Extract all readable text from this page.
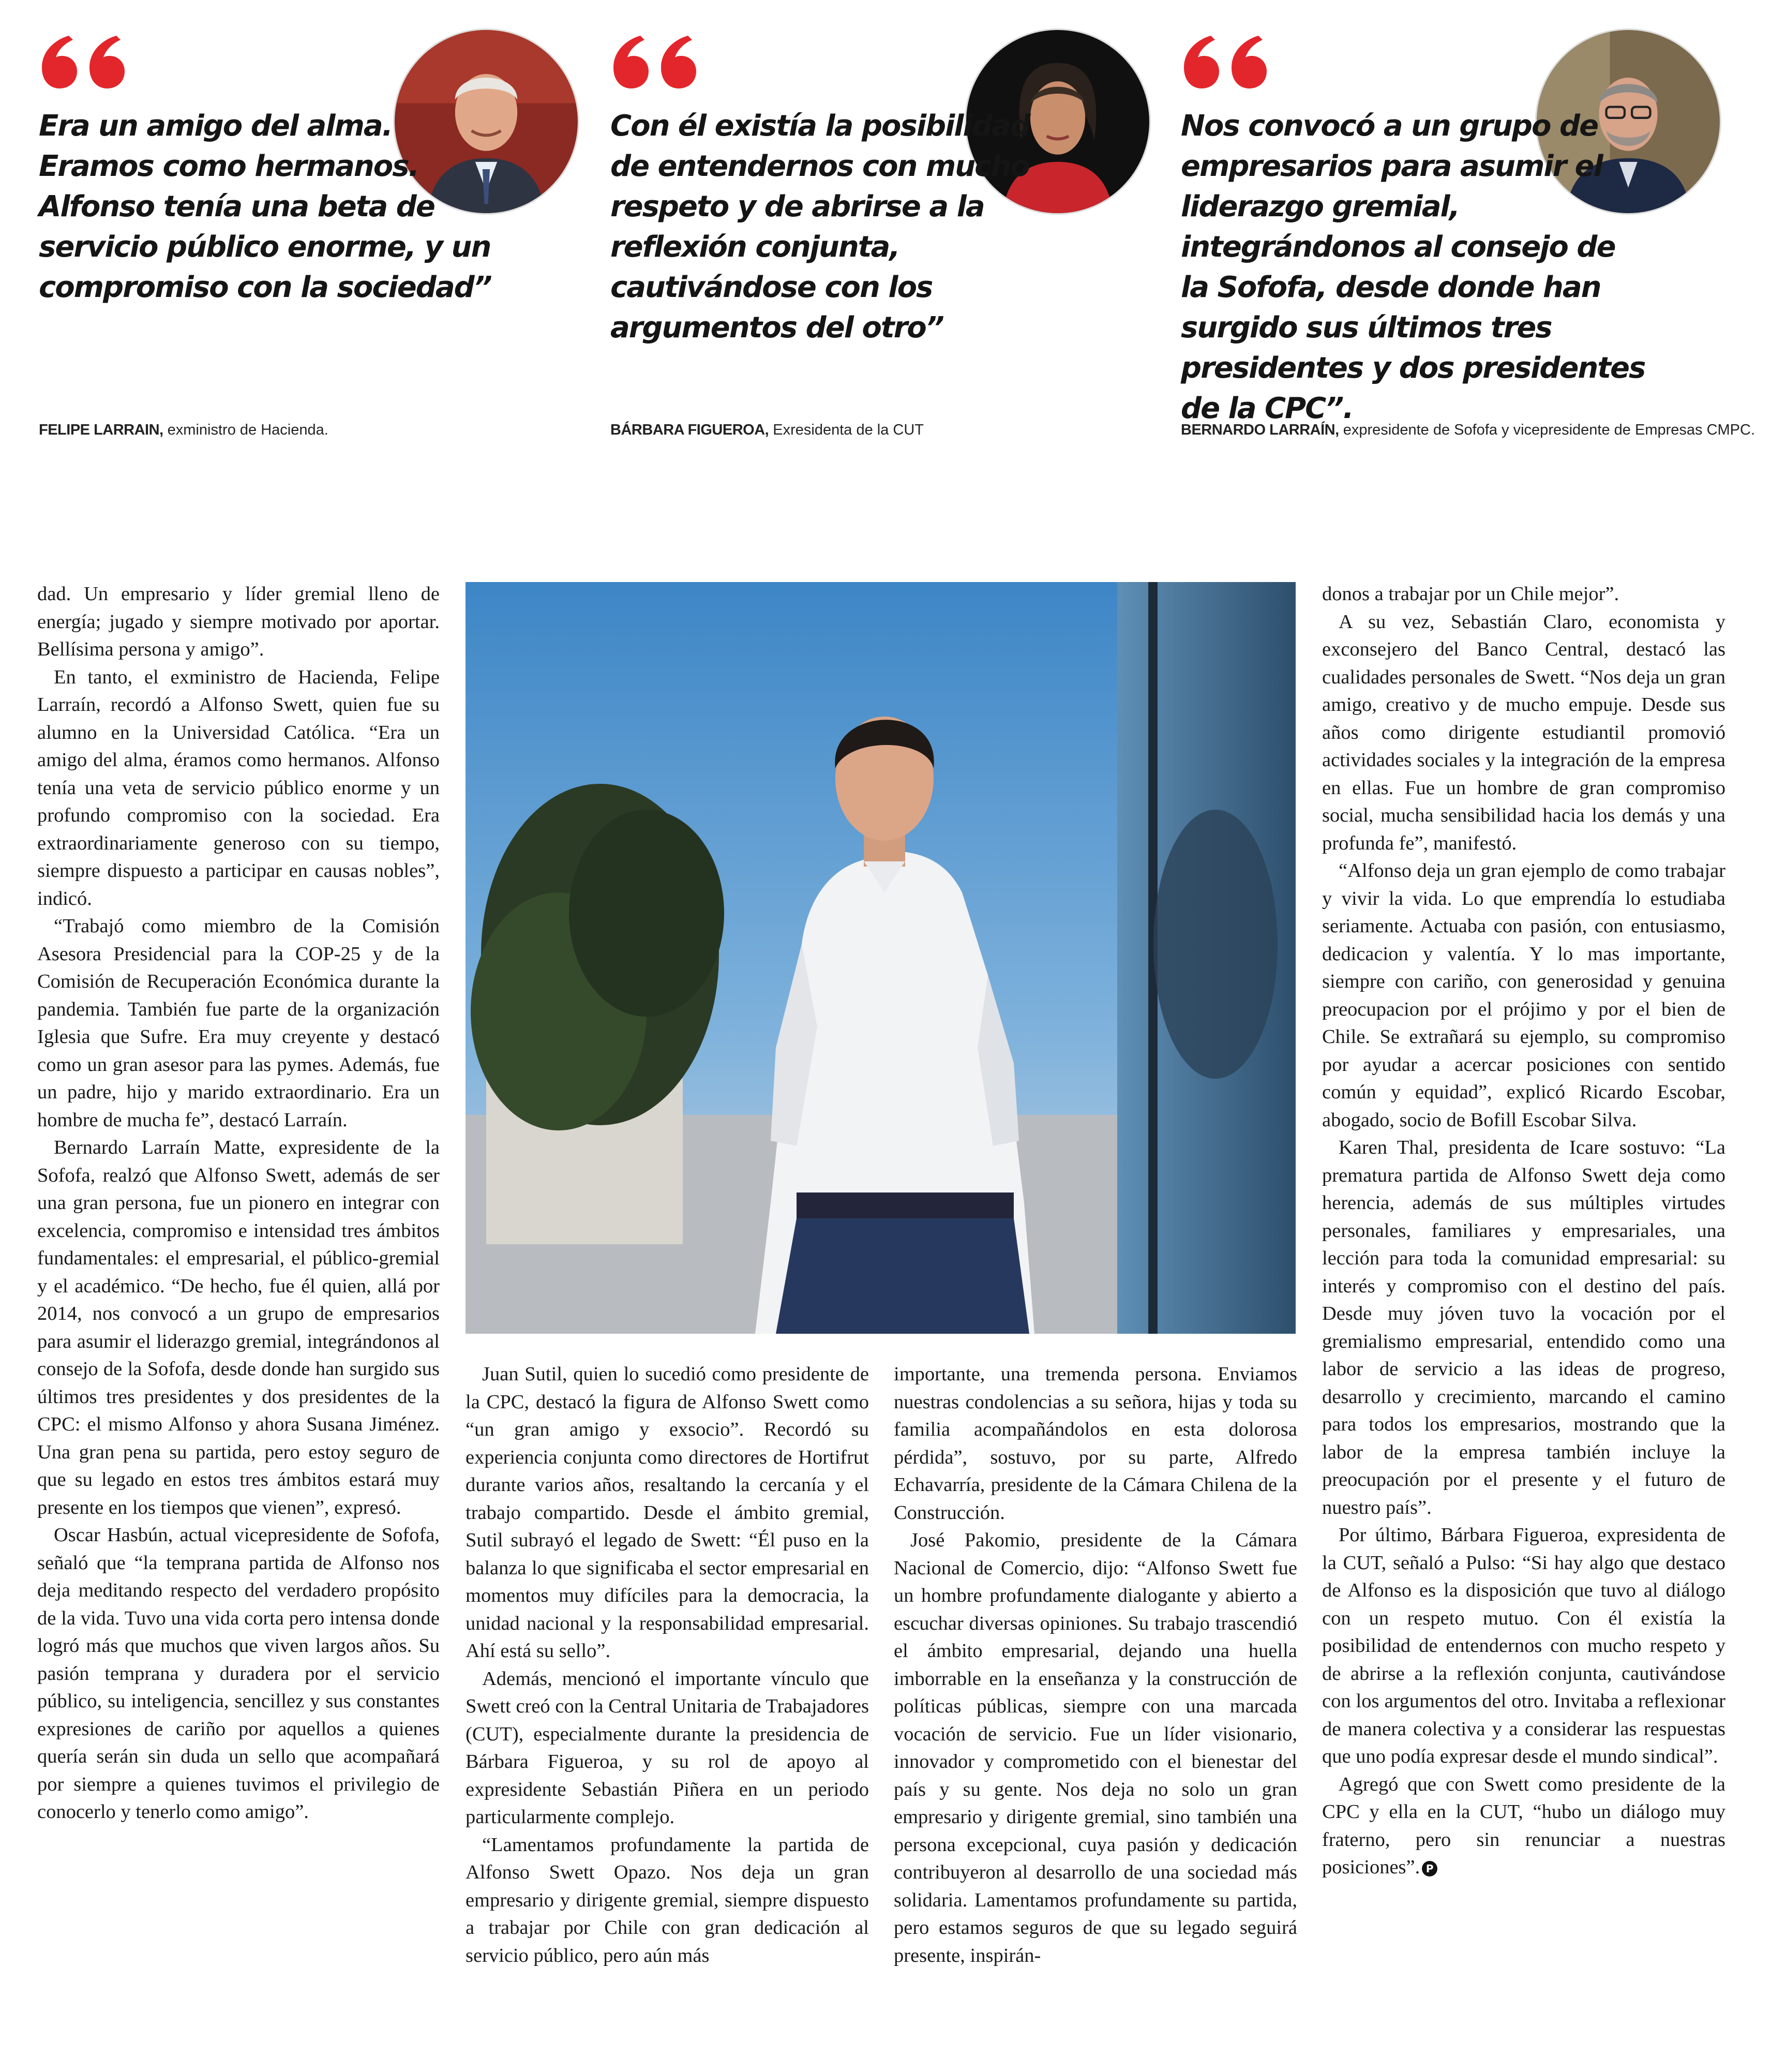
Era un amigo del alma. Eramos como hermanos. Alfonso tenía una beta de servicio público enorme, y un compromiso con la sociedad”

FELIPE LARRAIN, exministro de Hacienda.

Con él existía la posibilidad de entendernos con mucho respeto y de abrirse a la reflexión conjunta, cautivándose con los argumentos del otro”

BÁRBARA FIGUEROA, Exresidenta de la CUT

Nos convocó a un grupo de empresarios para asumir el liderazgo gremial, integrándonos al consejo de la Sofofa, desde donde han surgido sus últimos tres presidentes y dos presidentes de la CPC”.

BERNARDO LARRAÍN, expresidente de Sofofa y vicepresidente de Empresas CMPC.

dad. Un empresario y líder gremial lleno de energía; jugado y siempre motivado por aportar. Bellísima persona y amigo”.

En tanto, el exministro de Hacienda, Felipe Larraín, recordó a Alfonso Swett, quien fue su alumno en la Universidad Católica. “Era un amigo del alma, éramos como hermanos. Alfonso tenía una veta de servicio público enorme y un profundo compromiso con la sociedad. Era extraordinariamente generoso con su tiempo, siempre dispuesto a participar en causas nobles”, indicó.

“Trabajó como miembro de la Comisión Asesora Presidencial para la COP-25 y de la Comisión de Recuperación Económica durante la pandemia. También fue parte de la organización Iglesia que Sufre. Era muy creyente y destacó como un gran asesor para las pymes. Además, fue un padre, hijo y marido extraordinario. Era un hombre de mucha fe”, destacó Larraín.

Bernardo Larraín Matte, expresidente de la Sofofa, realzó que Alfonso Swett, además de ser una gran persona, fue un pionero en integrar con excelencia, compromiso e intensidad tres ámbitos fundamentales: el empresarial, el público-gremial y el académico. “De hecho, fue él quien, allá por 2014, nos convocó a un grupo de empresarios para asumir el liderazgo gremial, integrándonos al consejo de la Sofofa, desde donde han surgido sus últimos tres presidentes y dos presidentes de la CPC: el mismo Alfonso y ahora Susana Jiménez. Una gran pena su partida, pero estoy seguro de que su legado en estos tres ámbitos estará muy presente en los tiempos que vienen”, expresó.

Oscar Hasbún, actual vicepresidente de Sofofa, señaló que “la temprana partida de Alfonso nos deja meditando respecto del verdadero propósito de la vida. Tuvo una vida corta pero intensa donde logró más que muchos que viven largos años. Su pasión temprana y duradera por el servicio público, su inteligencia, sencillez y sus constantes expresiones de cariño por aquellos a quienes quería serán sin duda un sello que acompañará por siempre a quienes tuvimos el privilegio de conocerlo y tenerlo como amigo”.

Juan Sutil, quien lo sucedió como presidente de la CPC, destacó la figura de Alfonso Swett como “un gran amigo y exsocio”. Recordó su experiencia conjunta como directores de Hortifrut durante varios años, resaltando la cercanía y el trabajo compartido. Desde el ámbito gremial, Sutil subrayó el legado de Swett: “Él puso en la balanza lo que significaba el sector empresarial en momentos muy difíciles para la democracia, la unidad nacional y la responsabilidad empresarial. Ahí está su sello”.

Además, mencionó el importante vínculo que Swett creó con la Central Unitaria de Trabajadores (CUT), especialmente durante la presidencia de Bárbara Figueroa, y su rol de apoyo al expresidente Sebastián Piñera en un periodo particularmente complejo.

“Lamentamos profundamente la partida de Alfonso Swett Opazo. Nos deja un gran empresario y dirigente gremial, siempre dispuesto a trabajar por Chile con gran dedicación al servicio público, pero aún más

importante, una tremenda persona. Enviamos nuestras condolencias a su señora, hijas y toda su familia acompañándolos en esta dolorosa pérdida”, sostuvo, por su parte, Alfredo Echavarría, presidente de la Cámara Chilena de la Construcción.

José Pakomio, presidente de la Cámara Nacional de Comercio, dijo: “Alfonso Swett fue un hombre profundamente dialogante y abierto a escuchar diversas opiniones. Su trabajo trascendió el ámbito empresarial, dejando una huella imborrable en la enseñanza y la construcción de políticas públicas, siempre con una marcada vocación de servicio. Fue un líder visionario, innovador y comprometido con el bienestar del país y su gente. Nos deja no solo un gran empresario y dirigente gremial, sino también una persona excepcional, cuya pasión y dedicación contribuyeron al desarrollo de una sociedad más solidaria. Lamentamos profundamente su partida, pero estamos seguros de que su legado seguirá presente, inspirán-

donos a trabajar por un Chile mejor”.

A su vez, Sebastián Claro, economista y exconsejero del Banco Central, destacó las cualidades personales de Swett. “Nos deja un gran amigo, creativo y de mucho empuje. Desde sus años como dirigente estudiantil promovió actividades sociales y la integración de la empresa en ellas. Fue un hombre de gran compromiso social, mucha sensibilidad hacia los demás y una profunda fe”, manifestó.

“Alfonso deja un gran ejemplo de como trabajar y vivir la vida. Lo que emprendía lo estudiaba seriamente. Actuaba con pasión, con entusiasmo, dedicacion y valentía. Y lo mas importante, siempre con cariño, con generosidad y genuina preocupacion por el prójimo y por el bien de Chile. Se extrañará su ejemplo, su compromiso por ayudar a acercar posiciones con sentido común y equidad”, explicó Ricardo Escobar, abogado, socio de Bofill Escobar Silva.

Karen Thal, presidenta de Icare sostuvo: “La prematura partida de Alfonso Swett deja como herencia, además de sus múltiples virtudes personales, familiares y empresariales, una lección para toda la comunidad empresarial: su interés y compromiso con el destino del país. Desde muy jóven tuvo la vocación por el gremialismo empresarial, entendido como una labor de servicio a las ideas de progreso, desarrollo y crecimiento, marcando el camino para todos los empresarios, mostrando que la labor de la empresa también incluye la preocupación por el presente y el futuro de nuestro país”.

Por último, Bárbara Figueroa, expresidenta de la CUT, señaló a Pulso: “Si hay algo que destaco de Alfonso es la disposición que tuvo al diálogo con un respeto mutuo. Con él existía la posibilidad de entendernos con mucho respeto y de abrirse a la reflexión conjunta, cautivándose con los argumentos del otro. Invitaba a reflexionar de manera colectiva y a considerar las respuestas que uno podía expresar desde el mundo sindical”.

Agregó que con Swett como presidente de la CPC y ella en la CUT, “hubo un diálogo muy fraterno, pero sin renunciar a nuestras posiciones”. P
